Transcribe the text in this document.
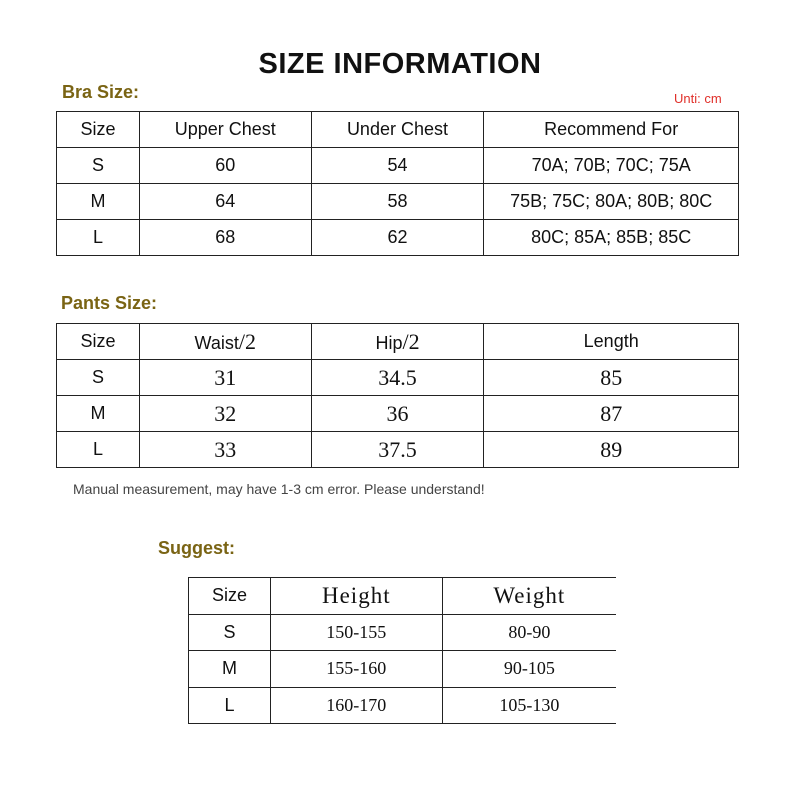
SIZE INFORMATION
Bra Size:	Unti: cm
Size	Upper Chest	Under Chest	Recommend For
S	60	54	70A; 70B; 70C; 75A
M	64	58	75B; 75C; 80A; 80B; 80C
L	68	62	80C; 85A; 85B; 85C
Pants Size:
Size	Waist/2	Hip/2	Length
S	31	34.5	85
M	32	36	87
L	33	37.5	89
Manual measurement, may have 1-3 cm error. Please understand!
Suggest:
Size	Height	Weight
S	150-155	80-90
M	155-160	90-105
L	160-170	105-130
